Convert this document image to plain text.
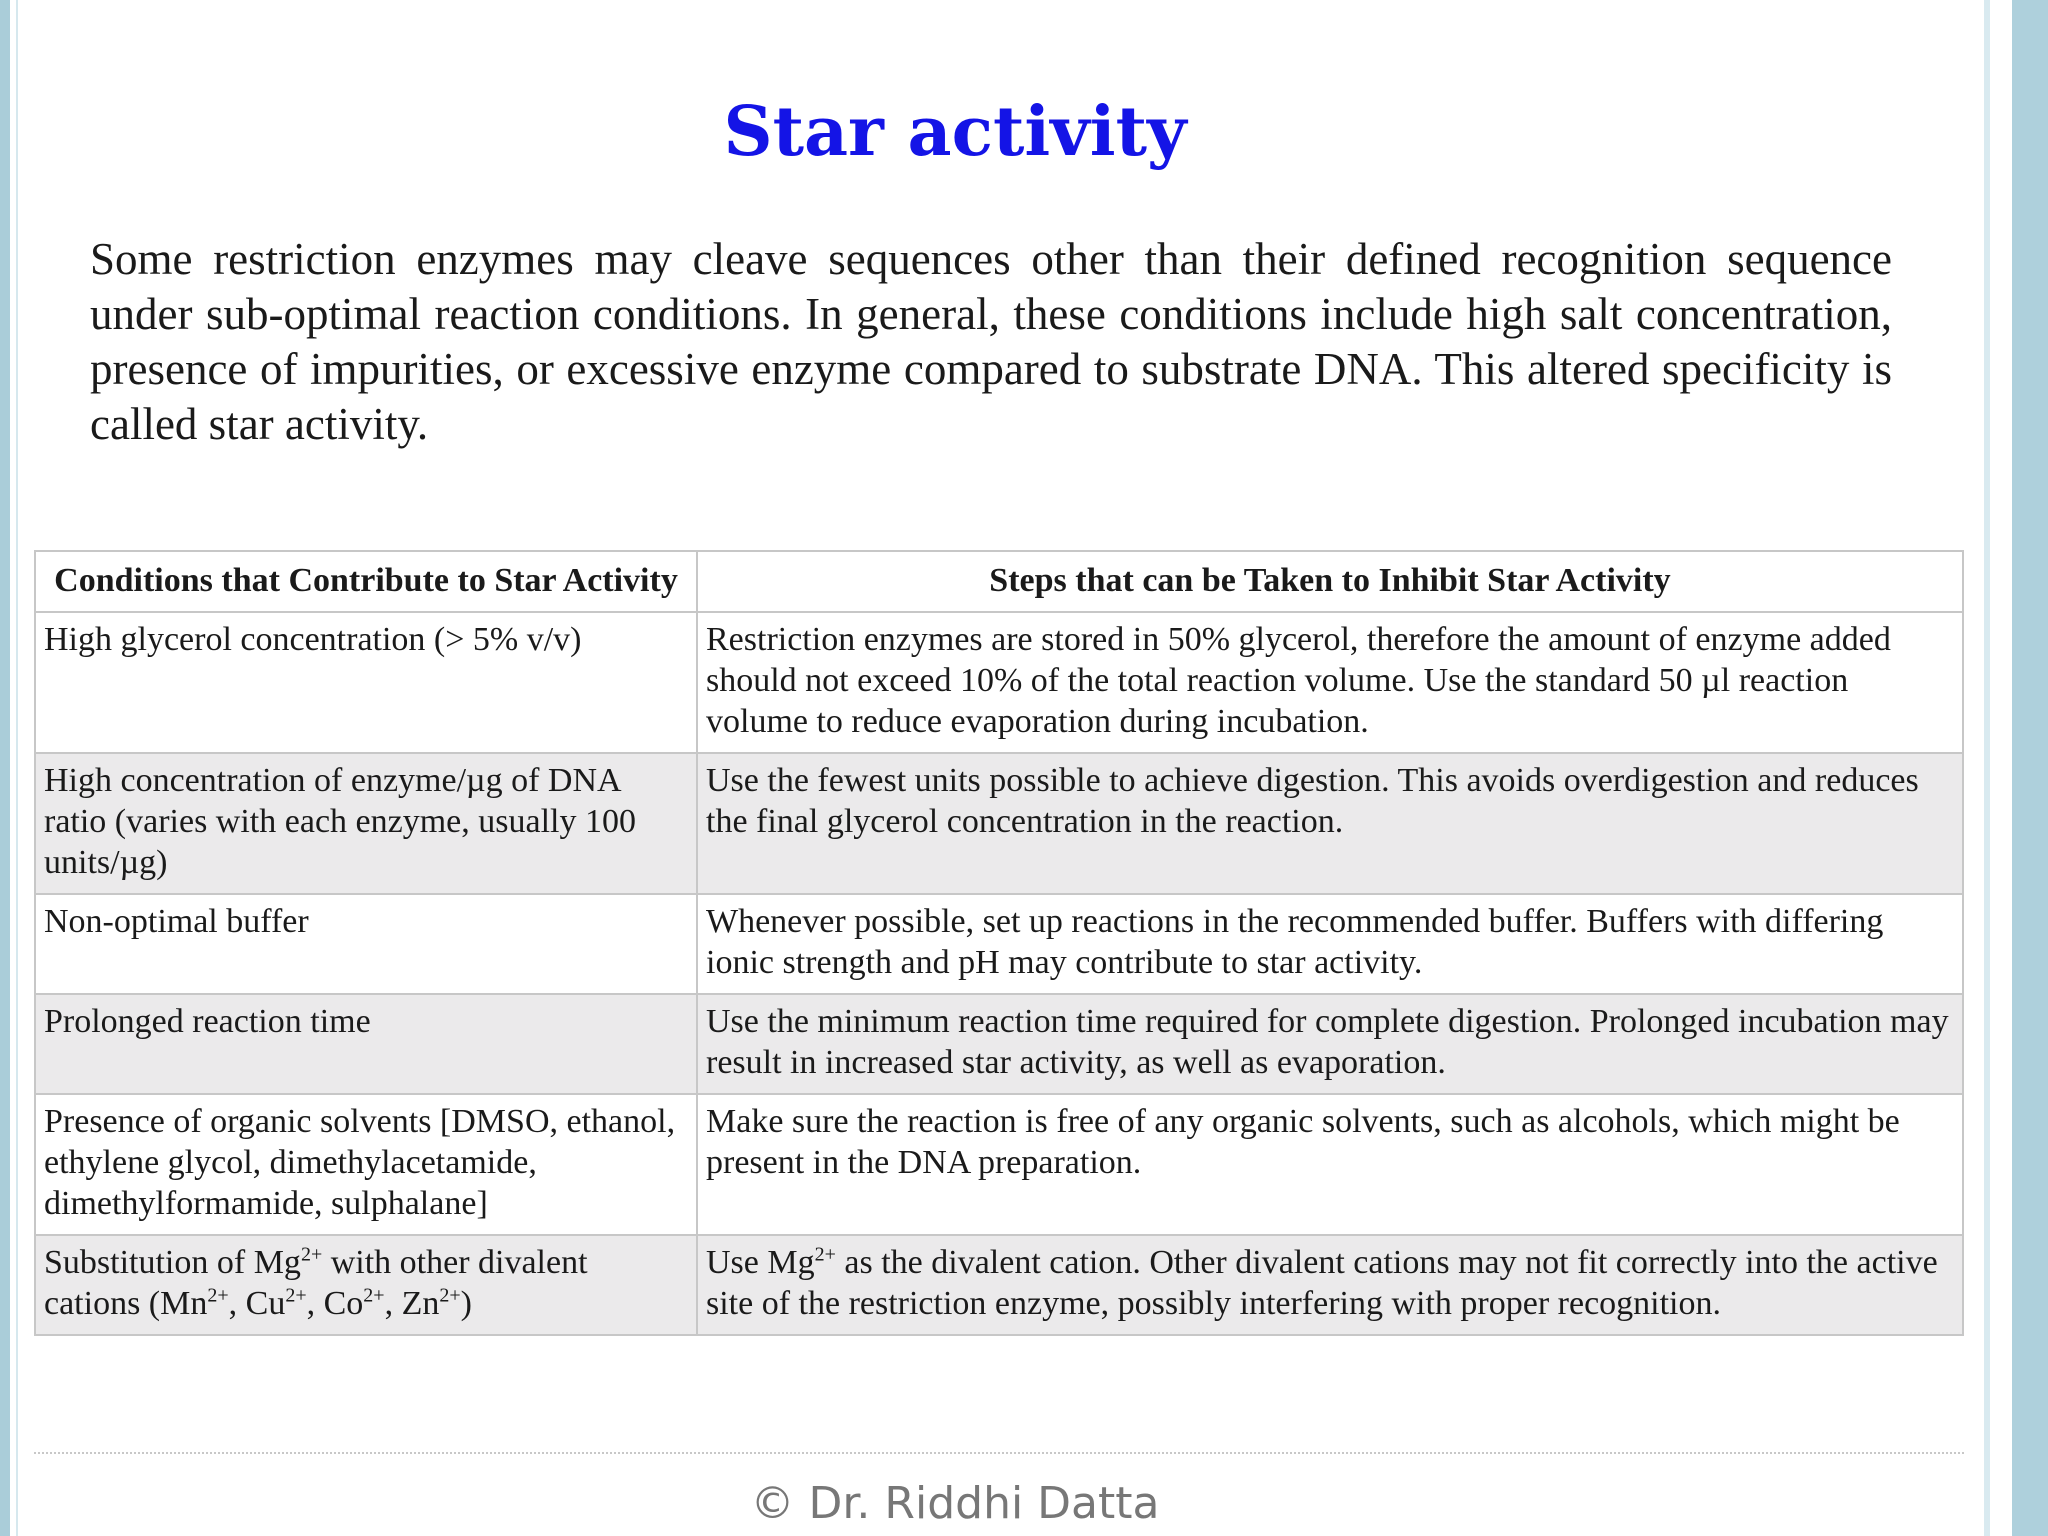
Star activity

Some restriction enzymes may cleave sequences other than their defined recognition sequence under sub-optimal reaction conditions. In general, these conditions include high salt concentration, presence of impurities, or excessive enzyme compared to substrate DNA. This altered specificity is called star activity.

Conditions that Contribute to Star Activity	Steps that can be Taken to Inhibit Star Activity
High glycerol concentration (> 5% v/v)	Restriction enzymes are stored in 50% glycerol, therefore the amount of enzyme added should not exceed 10% of the total reaction volume. Use the standard 50 µl reaction volume to reduce evaporation during incubation.
High concentration of enzyme/µg of DNA ratio (varies with each enzyme, usually 100 units/µg)	Use the fewest units possible to achieve digestion. This avoids overdigestion and reduces the final glycerol concentration in the reaction.
Non-optimal buffer	Whenever possible, set up reactions in the recommended buffer. Buffers with differing ionic strength and pH may contribute to star activity.
Prolonged reaction time	Use the minimum reaction time required for complete digestion. Prolonged incubation may result in increased star activity, as well as evaporation.
Presence of organic solvents [DMSO, ethanol, ethylene glycol, dimethylacetamide, dimethylformamide, sulphalane]	Make sure the reaction is free of any organic solvents, such as alcohols, which might be present in the DNA preparation.
Substitution of $Mg^{2+}$ with other divalent cations ($Mn^{2+}$, $Cu^{2+}$, $Co^{2+}$, $Zn^{2+}$)	Use $Mg^{2+}$ as the divalent cation. Other divalent cations may not fit correctly into the active site of the restriction enzyme, possibly interfering with proper recognition.

© Dr. Riddhi Datta
